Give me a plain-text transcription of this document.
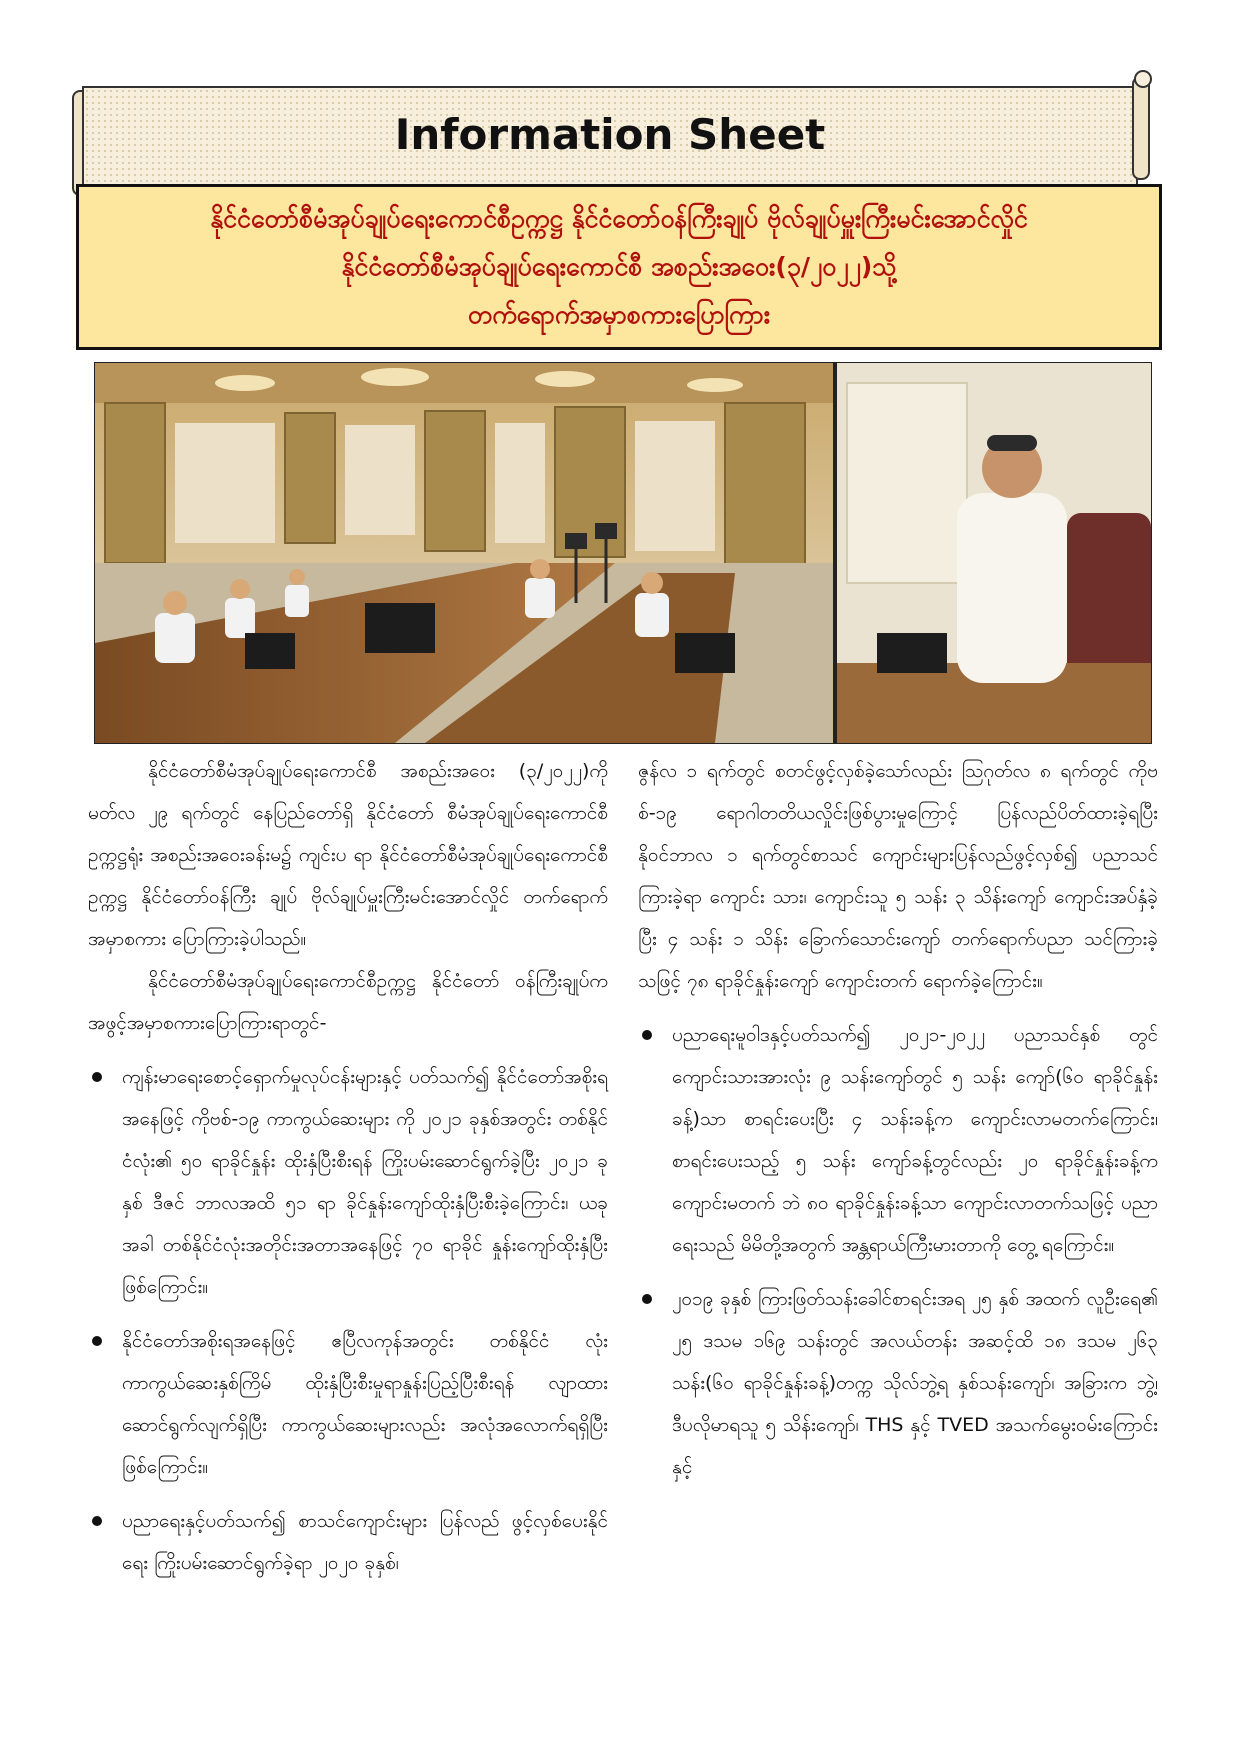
Information Sheet
နိုင်ငံတော်စီမံအုပ်ချုပ်ရေးကောင်စီဥက္ကဋ္ဌ နိုင်ငံတော်ဝန်ကြီးချုပ် ဗိုလ်ချုပ်မှူးကြီးမင်းအောင်လှိုင်
နိုင်ငံတော်စီမံအုပ်ချုပ်ရေးကောင်စီ အစည်းအဝေး(၃/၂၀၂၂)သို့
တက်ရောက်အမှာစကားပြောကြား

နိုင်ငံတော်စီမံအုပ်ချုပ်ရေးကောင်စီ အစည်းအဝေး (၃/၂၀၂၂)ကို မတ်လ ၂၉ ရက်တွင် နေပြည်တော်ရှိ နိုင်ငံတော် စီမံအုပ်ချုပ်ရေးကောင်စီဥက္ကဋ္ဌရုံး အစည်းအဝေးခန်းမ၌ ကျင်းပ ရာ နိုင်ငံတော်စီမံအုပ်ချုပ်ရေးကောင်စီဥက္ကဋ္ဌ နိုင်ငံတော်ဝန်ကြီး ချုပ် ဗိုလ်ချုပ်မှူးကြီးမင်းအောင်လှိုင် တက်ရောက်အမှာစကား ပြောကြားခဲ့ပါသည်။

နိုင်ငံတော်စီမံအုပ်ချုပ်ရေးကောင်စီဥက္ကဋ္ဌ နိုင်ငံတော် ဝန်ကြီးချုပ်က အဖွင့်အမှာစကားပြောကြားရာတွင်-

ကျန်းမာရေးစောင့်ရှောက်မှုလုပ်ငန်းများနှင့် ပတ်သက်၍ နိုင်ငံတော်အစိုးရအနေဖြင့် ကိုဗစ်-၁၉ ကာကွယ်ဆေးများ ကို ၂၀၂၁ ခုနှစ်အတွင်း တစ်နိုင်ငံလုံး၏ ၅၀ ရာခိုင်နှုန်း ထိုးနှံပြီးစီးရန် ကြိုးပမ်းဆောင်ရွက်ခဲ့ပြီး ၂၀၂၁ ခုနှစ် ဒီဇင် ဘာလအထိ ၅၁ ရာ ခိုင်နှုန်းကျော်ထိုးနှံပြီးစီးခဲ့ကြောင်း၊ ယခုအခါ တစ်နိုင်ငံလုံးအတိုင်းအတာအနေဖြင့် ၇၀ ရာခိုင် နှုန်းကျော်ထိုးနှံပြီးဖြစ်ကြောင်း။

နိုင်ငံတော်အစိုးရအနေဖြင့် ဧပြီလကုန်အတွင်း တစ်နိုင်ငံ လုံးကာကွယ်ဆေးနှစ်ကြိမ် ထိုးနှံပြီးစီးမှုရာနှုန်းပြည့်ပြီးစီးရန် လျာထားဆောင်ရွက်လျက်ရှိပြီး ကာကွယ်ဆေးများလည်း အလုံအလောက်ရရှိပြီးဖြစ်ကြောင်း။

ပညာရေးနှင့်ပတ်သက်၍ စာသင်ကျောင်းများ ပြန်လည် ဖွင့်လှစ်ပေးနိုင်ရေး ကြိုးပမ်းဆောင်ရွက်ခဲ့ရာ ၂၀၂၀ ခုနှစ်၊

ဇွန်လ ၁ ရက်တွင် စတင်ဖွင့်လှစ်ခဲ့သော်လည်း ဩဂုတ်လ ၈ ရက်တွင် ကိုဗစ်-၁၉ ရောဂါတတိယလှိုင်းဖြစ်ပွားမှုကြောင့် ပြန်လည်ပိတ်ထားခဲ့ရပြီး နိုဝင်ဘာလ ၁ ရက်တွင်စာသင် ကျောင်းများပြန်လည်ဖွင့်လှစ်၍ ပညာသင်ကြားခဲ့ရာ ကျောင်း သား၊ ကျောင်းသူ ၅ သန်း ၃ သိန်းကျော် ကျောင်းအပ်နှံခဲ့ပြီး ၄ သန်း ၁ သိန်း ခြောက်သောင်းကျော် တက်ရောက်ပညာ သင်ကြားခဲ့သဖြင့် ၇၈ ရာခိုင်နှုန်းကျော် ကျောင်းတက် ရောက်ခဲ့ကြောင်း။

ပညာရေးမူဝါဒနှင့်ပတ်သက်၍ ၂၀၂၁-၂၀၂၂ ပညာသင်နှစ် တွင် ကျောင်းသားအားလုံး ၉ သန်းကျော်တွင် ၅ သန်း ကျော်(၆၀ ရာခိုင်နှုန်းခန့်)သာ စာရင်းပေးပြီး ၄ သန်းခန့်က ကျောင်းလာမတက်ကြောင်း၊ စာရင်းပေးသည့် ၅ သန်း ကျော်ခန့်တွင်လည်း ၂၀ ရာခိုင်နှုန်းခန့်က ကျောင်းမတက် ဘဲ ၈၀ ရာခိုင်နှုန်းခန့်သာ ကျောင်းလာတက်သဖြင့် ပညာ ရေးသည် မိမိတို့အတွက် အန္တရာယ်ကြီးမားတာကို တွေ့ ရကြောင်း။

၂၀၁၉ ခုနှစ် ကြားဖြတ်သန်းခေါင်စာရင်းအရ ၂၅ နှစ် အထက် လူဦးရေ၏ ၂၅ ဒသမ ၁၆၉ သန်းတွင် အလယ်တန်း အဆင့်ထိ ၁၈ ဒသမ ၂၆၃ သန်း(၆၀ ရာခိုင်နှုန်းခန့်)တက္က သိုလ်ဘွဲ့ရ နှစ်သန်းကျော်၊ အခြားက ဘွဲ့၊ ဒီပလိုမာရသူ ၅ သိန်းကျော်၊ THS နှင့် TVED အသက်မွေးဝမ်းကြောင်းနှင့်
